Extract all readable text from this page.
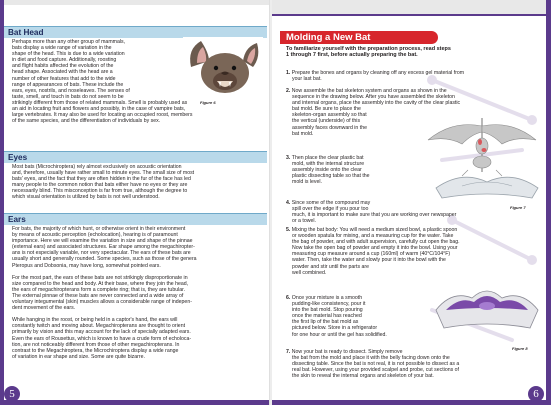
Bat Head
Perhaps more than any other group of mammals,
bats display a wide range of variation in the
shape of the head. This is due to a wide variation
in diet and food capture. Additionally, roosting
and flight habits affected the evolution of the
head shape. Associated with the head are a
number of other features that add to the wide
range of appearances of bats. These include the
ears, eyes, nostrils, and noseleaves. The senses of
taste, smell, and touch in bats do not seem to be
strikingly different from those of related mammals. Smell is probably used as
an aid in locating fruit and flowers and possibly, in the case of vampire bats,
large vertebrates. It may also be used for locating an occupied roost, members
of the same species, and the differentiation of individuals by sex.
Figure 6
Eyes
Most bats (Microchiroptera) rely almost exclusively on acoustic orientation
and, therefore, usually have rather small to minute eyes. The small size of most
bats' eyes, and the fact that they are often hidden in the fur of the face has led
many people to the common notion that bats either have no eyes or they are
necessarily blind. This misconception is far from true, although the degree to
which visual orientation is utilized by bats is not well understood.
Ears
For bats, the majority of which hunt, or otherwise orient in their environment
by means of acoustic perception (echolocation), hearing is of paramount
importance. Here we will examine the variation in size and shape of the pinnae
(external ears) and associated structures. Ear shape among the megachiropter-
ans is not especially variable, nor very spectacular. The ears of these bats are
usually short and generally rounded. Some species, such as those of the genera
Pteropus and Dobsonia, may have long, somewhat pointed ears.
For the most part, the ears of these bats are not strikingly disproportionate in
size compared to the head and body. At their base, where they join the head,
the ears of megachiropterans form a complete ring; that is, they are tubular.
The external pinnae of these bats are never connected and a wide array of
voluntary integumental (skin) muscles allows a considerable range of indepen-
dent movement of the ears.
While hanging in the roost, or being held in a captor's hand, the ears will
constantly twitch and moving about. Megachiropterans are thought to orient
primarily by vision and this may account for the lack of specially adapted ears.
Even the ears of Rousettus, which is known to have a crude form of echoloca-
tion, are not noticeably different from those of other megachiropterans. In
contrast to the Megachiroptera, the Microchiroptera display a wide range
of variation in ear shape and size. Some are quite bizarre.
5
Molding a New Bat
To familiarize yourself with the preparation process, read steps
1 through 7 first, before actually preparing the bat.
1. Prepare the bones and organs by cleaning off any excess gel material from
your last bat.
2. Now assemble the bat skeleton system and organs as shown in the
sequence in the drawing below. After you have assembled the skeleton
and internal organs, place the assembly into the cavity of the clear plastic
bat mold. Be sure to place the
skeleton-organ assembly so that
the vertical (underside) of this
assembly faces downward in the
bat mold.
3. Then place the clear plastic bat
mold, with the internal structure
assembly inside onto the clear
plastic dissecting table so that the
mold is level.
Figure 7
4. Since some of the compound may
spill over the edge if you pour too
much, it is important to make sure that you are working over newspaper
or a towel.
5. Mixing the bat body: You will need a medium sized bowl, a plastic spoon
or wooden spatula for mixing, and a measuring cup for the water. Take
the bag of powder, and with adult supervision, carefully cut open the bag.
Now take the open bag of powder and empty it into the bowl. Using your
measuring cup measure around a cup (160ml) of warm (40°C/104°F)
water. Then, take the water and slowly pour it into the bowl with the
powder and stir until the parts are
well combined.
Figure 8
6. Once your mixture is a smooth
pudding-like consistency, pour it
into the bat mold. Stop pouring
once the material has reached
the first lip of the bat mold as
pictured below. Store in a refrigerator
for one hour or until the gel has solidified.
7. Now your bat is ready to dissect. Simply remove
the bat from the mold and place it with the belly facing down onto the
dissecting table. Since the bat is not real, it is not possible to dissect as a
real bat. However, using your provided scalpel and probe, cut sections of
the skin to reveal the internal organs and skeleton of your bat.
6
